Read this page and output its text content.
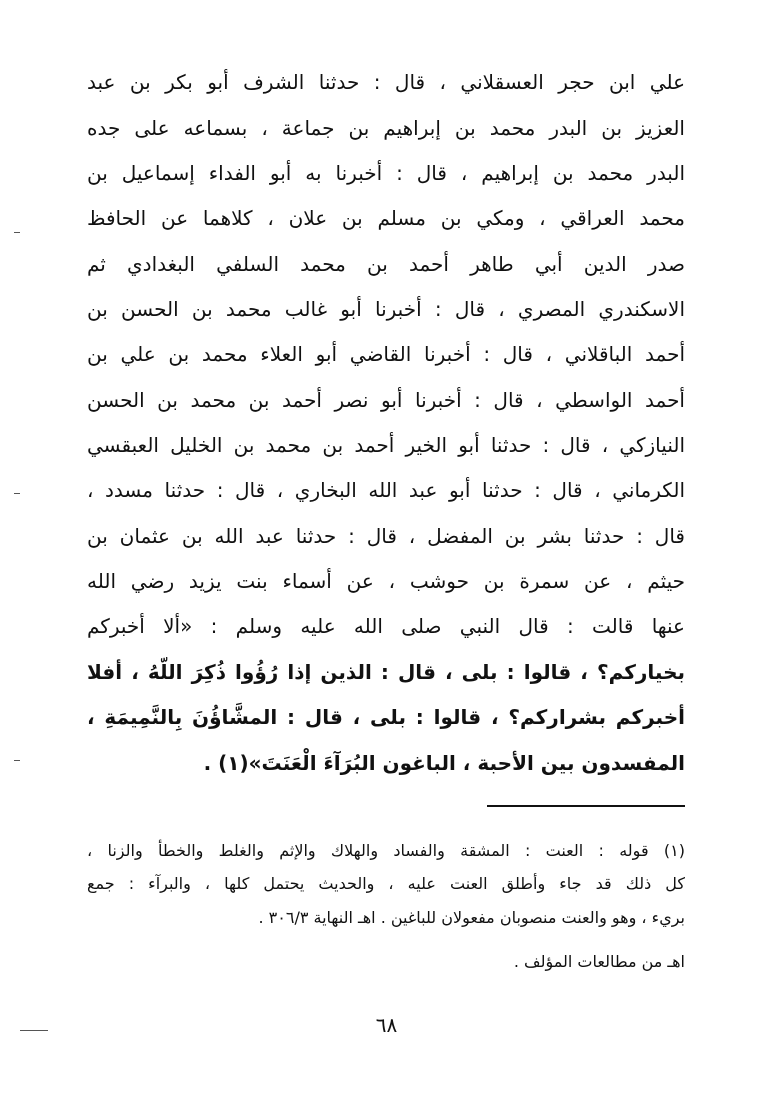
علي ابن حجر العسقلاني ، قال : حدثنا الشرف أبو بكر بن عبد
العزيز بن البدر محمد بن إبراهيم بن جماعة ، بسماعه على جده
البدر محمد بن إبراهيم ، قال : أخبرنا به أبو الفداء إسماعيل بن
محمد العراقي ، ومكي بن مسلم بن علان ، كلاهما عن الحافظ
صدر الدين أبي طاهر أحمد بن محمد السلفي البغدادي ثم
الاسكندري المصري ، قال : أخبرنا أبو غالب محمد بن الحسن بن
أحمد الباقلاني ، قال : أخبرنا القاضي أبو العلاء محمد بن علي بن
أحمد الواسطي ، قال : أخبرنا أبو نصر أحمد بن محمد بن الحسن
النيازكي ، قال : حدثنا أبو الخير أحمد بن محمد بن الخليل العبقسي
الكرماني ، قال : حدثنا أبو عبد الله البخاري ، قال : حدثنا مسدد ،
قال : حدثنا بشر بن المفضل ، قال : حدثنا عبد الله بن عثمان بن
حيثم ، عن سمرة بن حوشب ، عن أسماء بنت يزيد رضي الله
عنها قالت : قال النبي صلى الله عليه وسلم : «ألا أخبركم
بخياركم؟ ، قالوا : بلى ، قال : الذين إذا رُؤُوا ذُكِرَ اللَّهُ ، أفلا
أخبركم بشراركم؟ ، قالوا : بلى ، قال : المشَّاؤُنَ بِالنَّمِيمَةِ ،
المفسدون بين الأحبة ، الباغون البُرَآءَ الْعَنَتَ»(١) .
(١) قوله : العنت : المشقة والفساد والهلاك والإثم والغلط والخطأ والزنا ،
كل ذلك قد جاء وأطلق العنت عليه ، والحديث يحتمل كلها ، والبرآء : جمع
بريء ، وهو والعنت منصوبان مفعولان للباغين . اهـ النهاية ٣٠٦/٣ .
اهـ من مطالعات المؤلف .
٦٨
